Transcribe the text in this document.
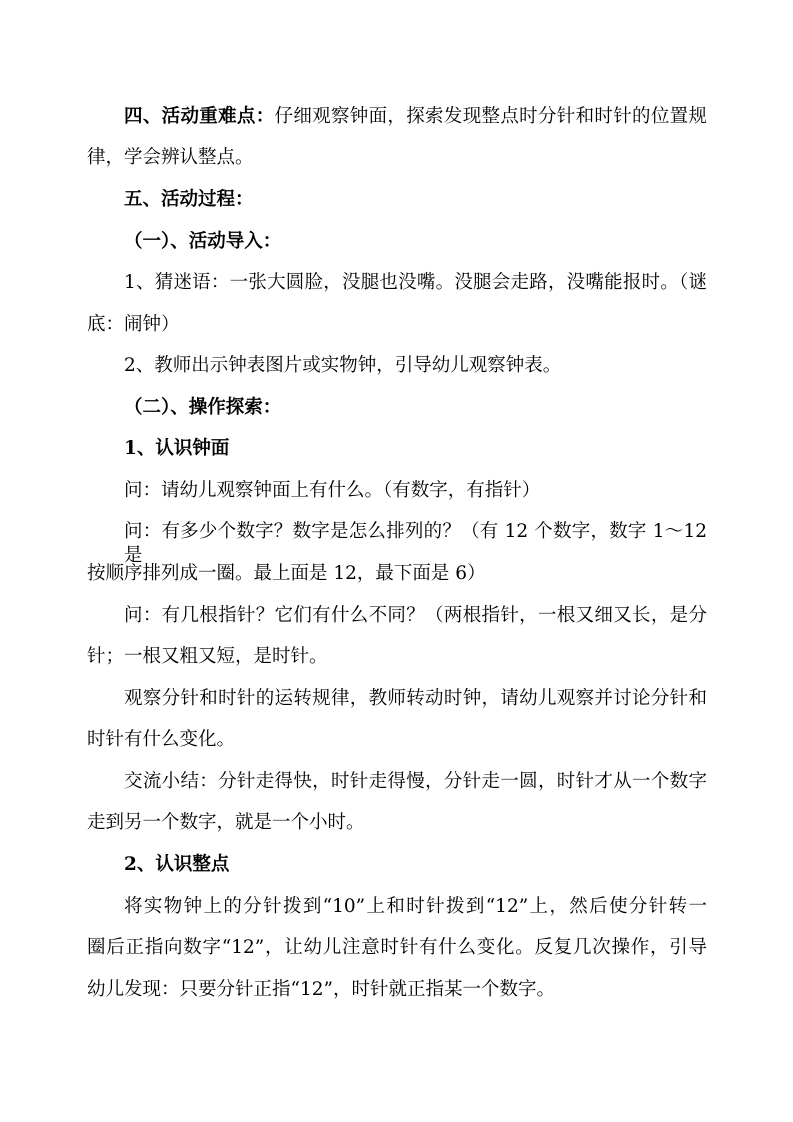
四、活动重难点：仔细观察钟面，探索发现整点时分针和时针的位置规
律，学会辨认整点。
五、活动过程：
（一）、活动导入：
1、猜迷语：一张大圆脸，没腿也没嘴。没腿会走路，没嘴能报时。（谜
底：闹钟）
2、教师出示钟表图片或实物钟，引导幼儿观察钟表。
（二）、操作探索：
1、认识钟面
问：请幼儿观察钟面上有什么。（有数字，有指针）
问：有多少个数字？数字是怎么排列的？（有 12 个数字，数字 1～12 是
按顺序排列成一圈。最上面是 12，最下面是 6）
问：有几根指针？它们有什么不同？（两根指针，一根又细又长，是分
针；一根又粗又短，是时针。
观察分针和时针的运转规律，教师转动时钟，请幼儿观察并讨论分针和
时针有什么变化。
交流小结：分针走得快，时针走得慢，分针走一圆，时针才从一个数字
走到另一个数字，就是一个小时。
2、认识整点
将实物钟上的分针拨到“10”上和时针拨到“12”上，然后使分针转一
圈后正指向数字“12”，让幼儿注意时针有什么变化。反复几次操作，引导
幼儿发现：只要分针正指“12”，时针就正指某一个数字。
